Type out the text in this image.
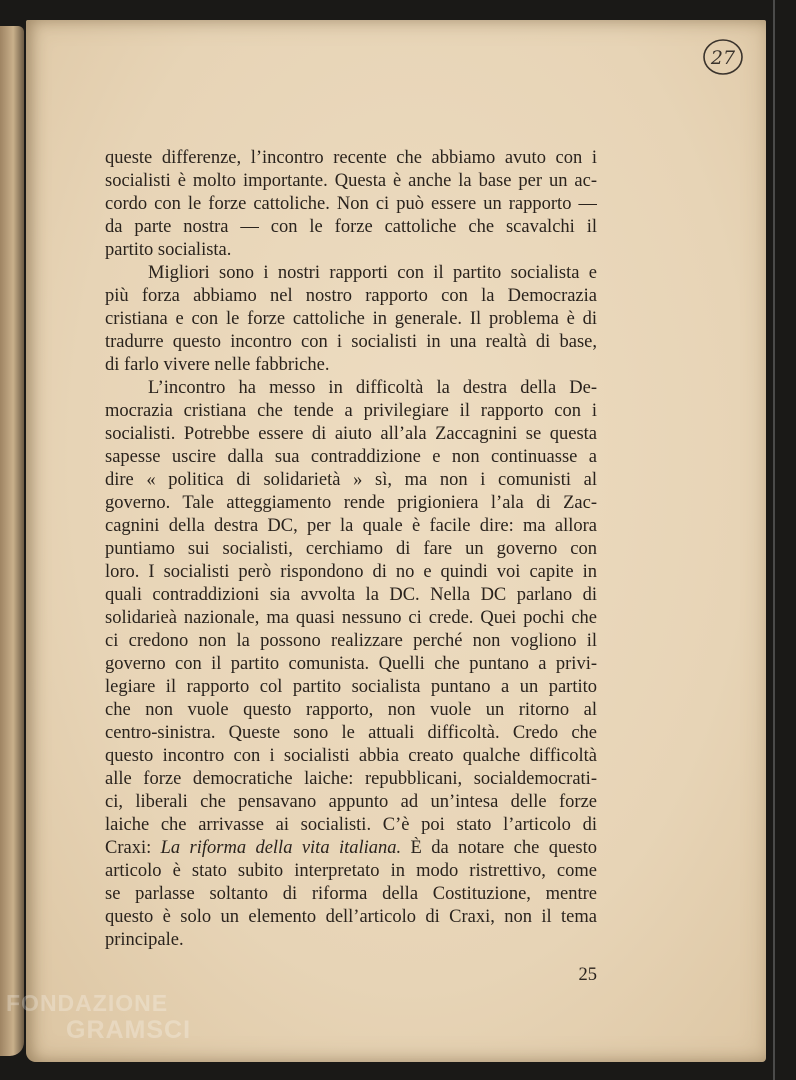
27
queste differenze, l’incontro recente che abbiamo avuto con i
socialisti è molto importante. Questa è anche la base per un ac-
cordo con le forze cattoliche. Non ci può essere un rapporto —
da parte nostra — con le forze cattoliche che scavalchi il
partito socialista.
Migliori sono i nostri rapporti con il partito socialista e
più forza abbiamo nel nostro rapporto con la Democrazia
cristiana e con le forze cattoliche in generale. Il problema è di
tradurre questo incontro con i socialisti in una realtà di base,
di farlo vivere nelle fabbriche.
L’incontro ha messo in difficoltà la destra della De-
mocrazia cristiana che tende a privilegiare il rapporto con i
socialisti. Potrebbe essere di aiuto all’ala Zaccagnini se questa
sapesse uscire dalla sua contraddizione e non continuasse a
dire « politica di solidarietà » sì, ma non i comunisti al
governo. Tale atteggiamento rende prigioniera l’ala di Zac-
cagnini della destra DC, per la quale è facile dire: ma allora
puntiamo sui socialisti, cerchiamo di fare un governo con
loro. I socialisti però rispondono di no e quindi voi capite in
quali contraddizioni sia avvolta la DC. Nella DC parlano di
solidarieà nazionale, ma quasi nessuno ci crede. Quei pochi che
ci credono non la possono realizzare perché non vogliono il
governo con il partito comunista. Quelli che puntano a privi-
legiare il rapporto col partito socialista puntano a un partito
che non vuole questo rapporto, non vuole un ritorno al
centro-sinistra. Queste sono le attuali difficoltà. Credo che
questo incontro con i socialisti abbia creato qualche difficoltà
alle forze democratiche laiche: repubblicani, socialdemocrati-
ci, liberali che pensavano appunto ad un’intesa delle forze
laiche che arrivasse ai socialisti. C’è poi stato l’articolo di
Craxi: La riforma della vita italiana. È da notare che questo
articolo è stato subito interpretato in modo ristrettivo, come
se parlasse soltanto di riforma della Costituzione, mentre
questo è solo un elemento dell’articolo di Craxi, non il tema
principale.
25
FONDAZIONE
GRAMSCI
